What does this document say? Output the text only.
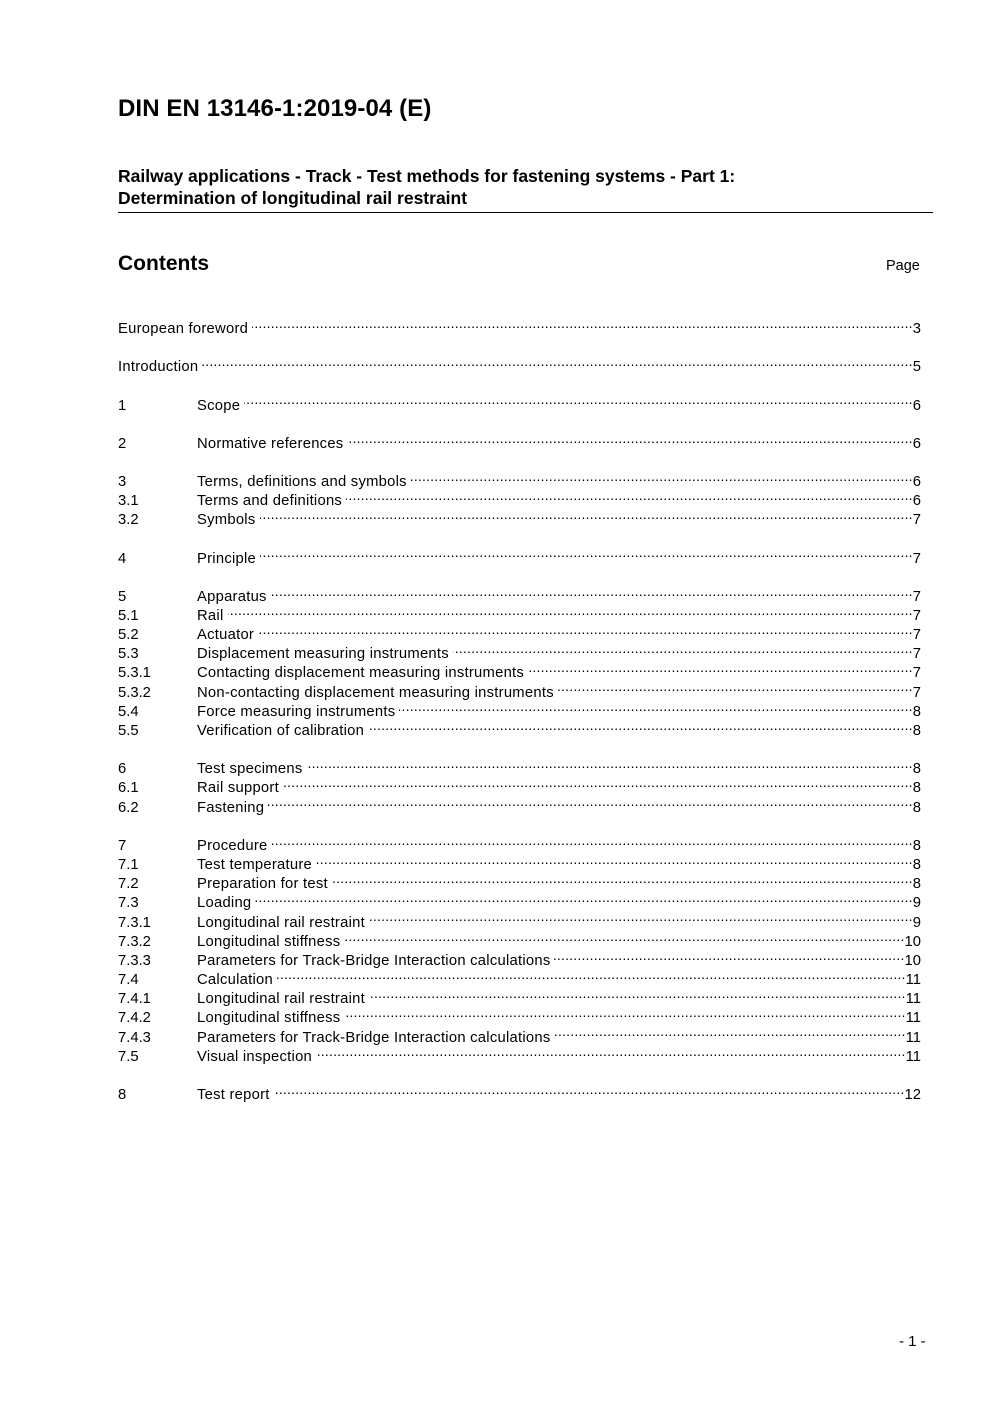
DIN EN 13146-1:2019-04 (E)
Railway applications - Track - Test methods for fastening systems - Part 1:
Determination of longitudinal rail restraint
Contents	Page
European foreword .....	3
Introduction .....	5
1	Scope .....	6
2	Normative references .....	6
3	Terms, definitions and symbols .....	6
3.1	Terms and definitions .....	6
3.2	Symbols .....	7
4	Principle .....	7
5	Apparatus .....	7
5.1	Rail .....	7
5.2	Actuator .....	7
5.3	Displacement measuring instruments .....	7
5.3.1	Contacting displacement measuring instruments .....	7
5.3.2	Non-contacting displacement measuring instruments .....	7
5.4	Force measuring instruments .....	8
5.5	Verification of calibration .....	8
6	Test specimens .....	8
6.1	Rail support .....	8
6.2	Fastening .....	8
7	Procedure .....	8
7.1	Test temperature .....	8
7.2	Preparation for test .....	8
7.3	Loading .....	9
7.3.1	Longitudinal rail restraint .....	9
7.3.2	Longitudinal stiffness .....	10
7.3.3	Parameters for Track-Bridge Interaction calculations .....	10
7.4	Calculation .....	11
7.4.1	Longitudinal rail restraint .....	11
7.4.2	Longitudinal stiffness .....	11
7.4.3	Parameters for Track-Bridge Interaction calculations .....	11
7.5	Visual inspection .....	11
8	Test report .....	12
- 1 -
